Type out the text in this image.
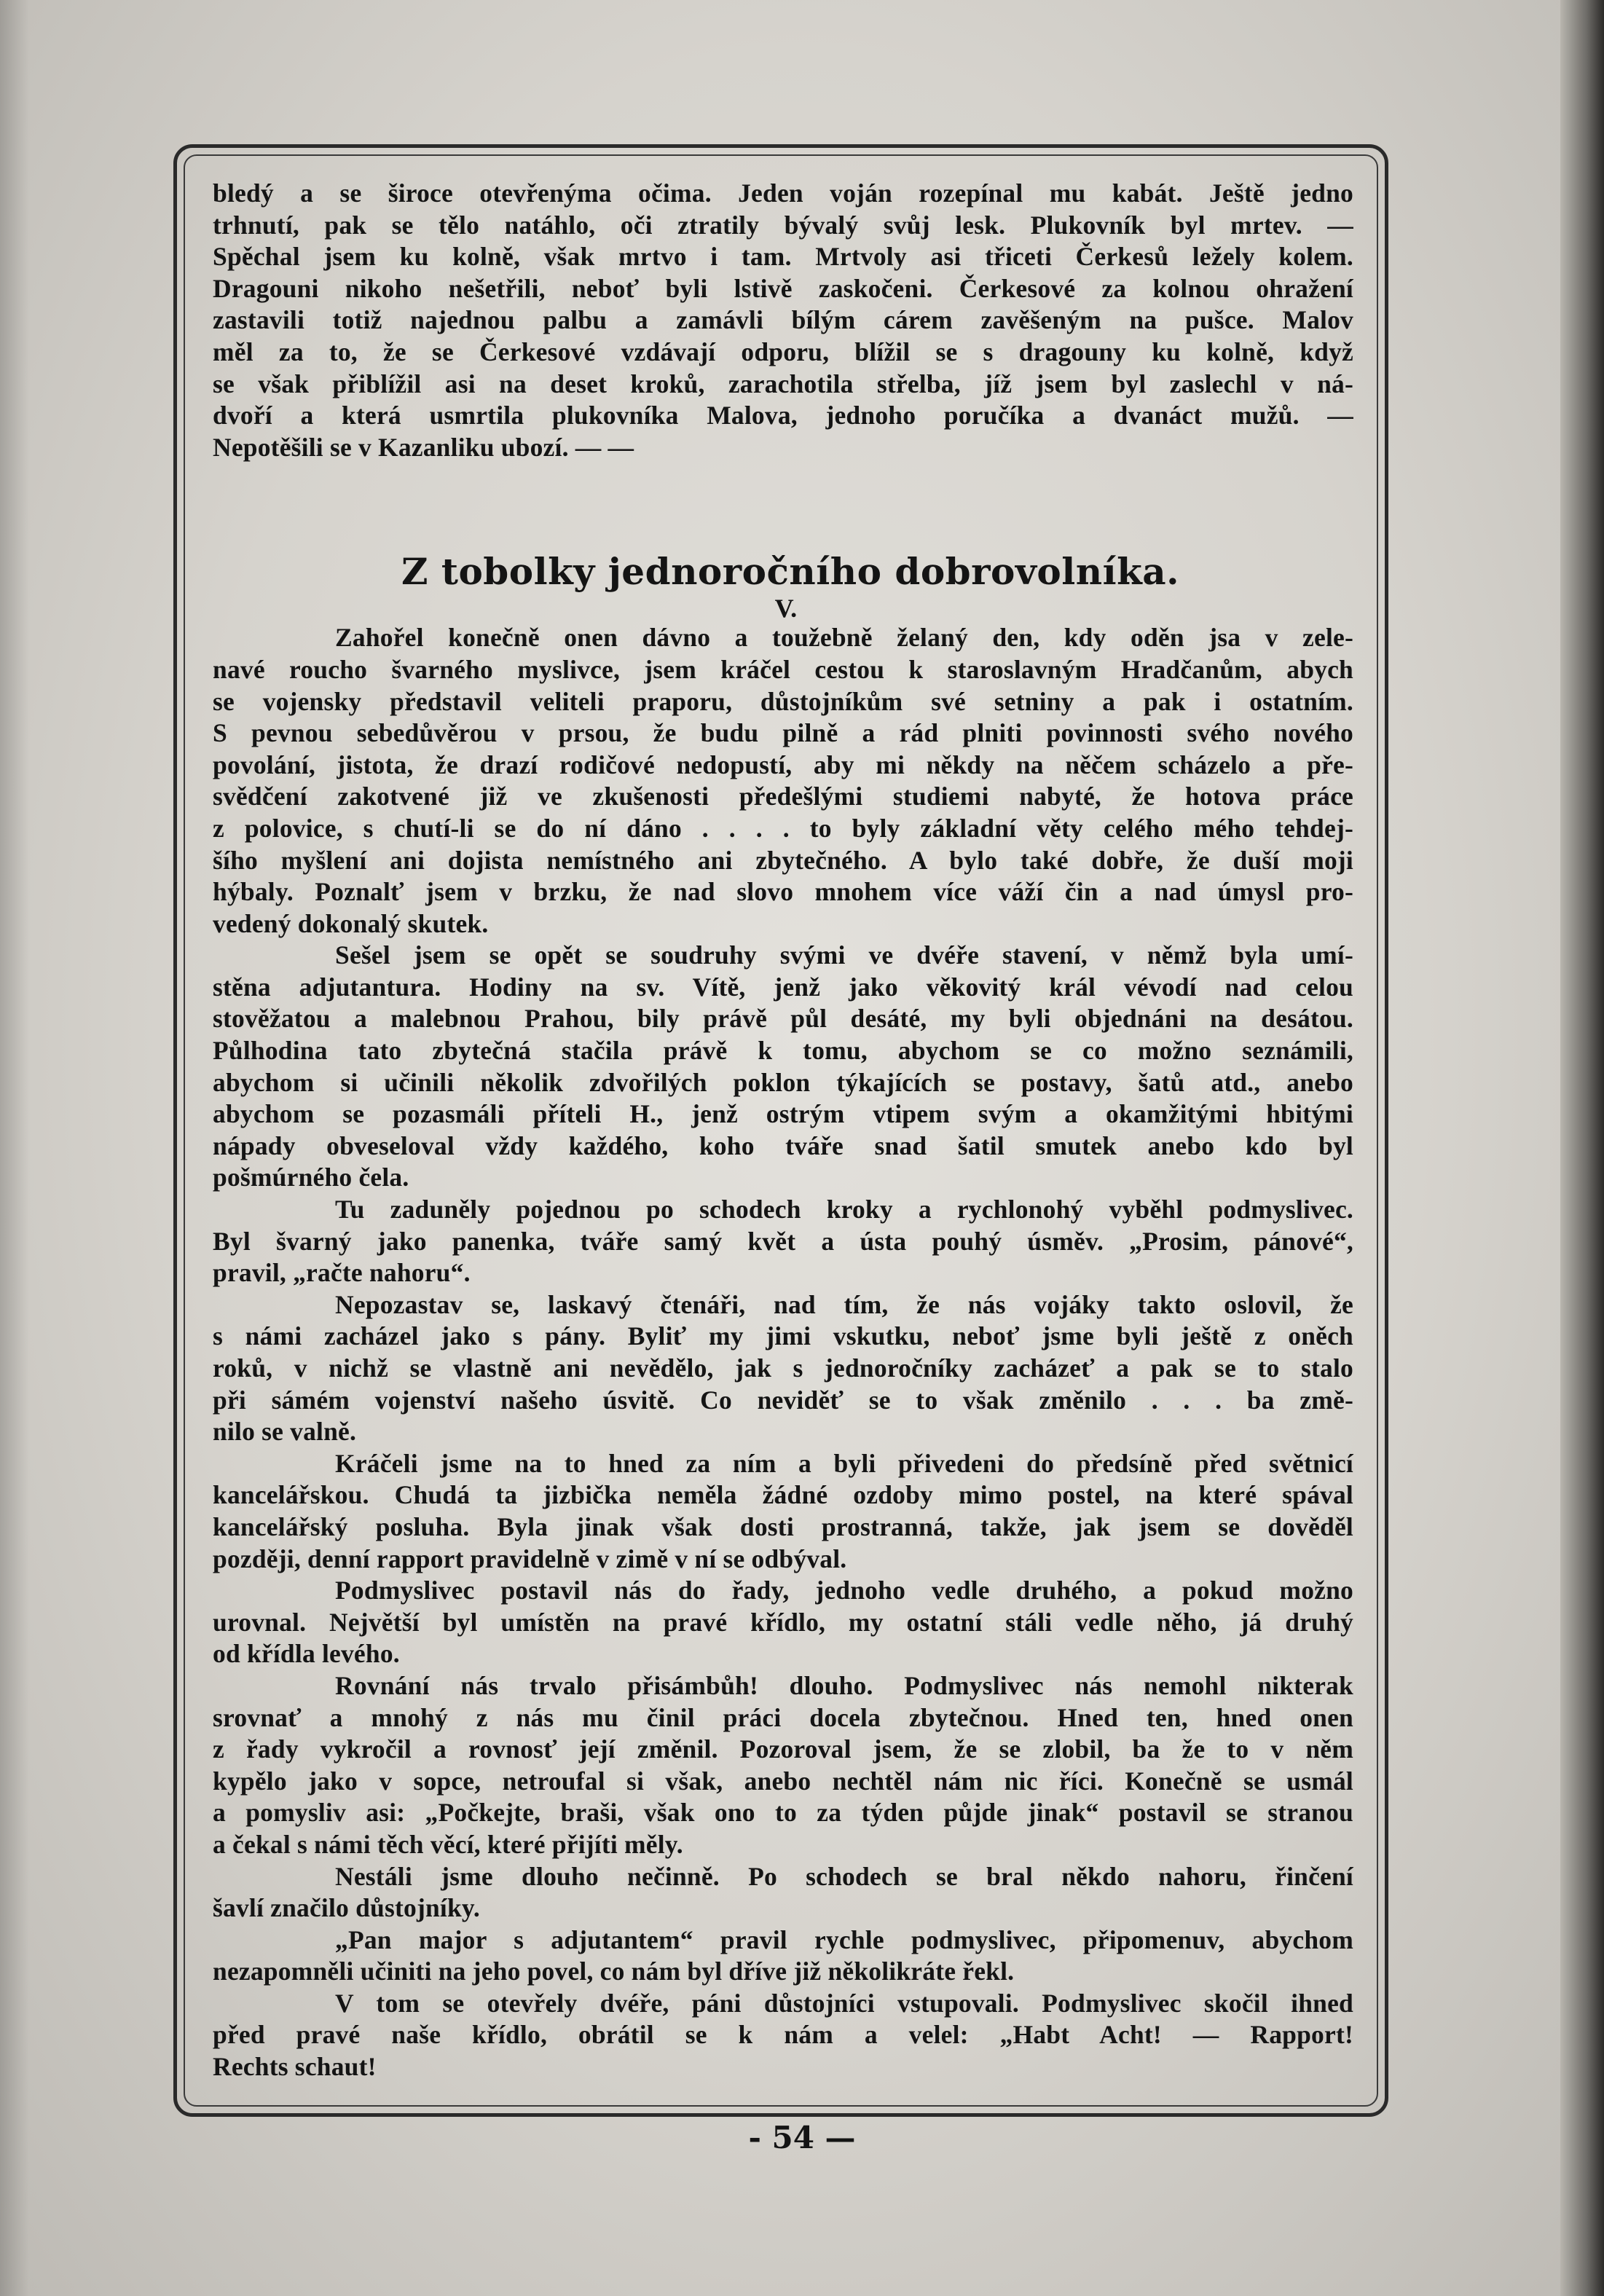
bledý a se široce otevřenýma očima. Jeden voján rozepínal mu kabát. Ještě jedno

trhnutí, pak se tělo natáhlo, oči ztratily bývalý svůj lesk. Plukovník byl mrtev. —

Spěchal jsem ku kolně, však mrtvo i tam. Mrtvoly asi třiceti Čerkesů ležely kolem.

Dragouni nikoho nešetřili, neboť byli lstivě zaskočeni. Čerkesové za kolnou ohražení

zastavili totiž najednou palbu a zamávli bílým cárem zavěšeným na pušce. Malov

měl za to, že se Čerkesové vzdávají odporu, blížil se s dragouny ku kolně, když

se však přiblížil asi na deset kroků, zarachotila střelba, jíž jsem byl zaslechl v ná-

dvoří a která usmrtila plukovníka Malova, jednoho poručíka a dvanáct mužů. —

Nepotěšili se v Kazanliku ubozí. — —

Z tobolky jednoročního dobrovolníka.
V.

Zahořel konečně onen dávno a toužebně želaný den, kdy oděn jsa v zele-

navé roucho švarného myslivce, jsem kráčel cestou k staroslavným Hradčanům, abych

se vojensky představil veliteli praporu, důstojníkům své setniny a pak i ostatním.

S pevnou sebedůvěrou v prsou, že budu pilně a rád plniti povinnosti svého nového

povolání, jistota, že drazí rodičové nedopustí, aby mi někdy na něčem scházelo a pře-

svědčení zakotvené již ve zkušenosti předešlými studiemi nabyté, že hotova práce

z polovice, s chutí-li se do ní dáno . . . . to byly základní věty celého mého tehdej-

šího myšlení ani dojista nemístného ani zbytečného. A bylo také dobře, že duší moji

hýbaly. Poznalť jsem v brzku, že nad slovo mnohem více váží čin a nad úmysl pro-

vedený dokonalý skutek.

Sešel jsem se opět se soudruhy svými ve dvéře stavení, v němž byla umí-

stěna adjutantura. Hodiny na sv. Vítě, jenž jako věkovitý král vévodí nad celou

stověžatou a malebnou Prahou, bily právě půl desáté, my byli objednáni na desátou.

Půlhodina tato zbytečná stačila právě k tomu, abychom se co možno seznámili,

abychom si učinili několik zdvořilých poklon týkajících se postavy, šatů atd., anebo

abychom se pozasmáli příteli H., jenž ostrým vtipem svým a okamžitými hbitými

nápady obveseloval vždy každého, koho tváře snad šatil smutek anebo kdo byl

pošmúrného čela.

Tu zaduněly pojednou po schodech kroky a rychlonohý vyběhl podmyslivec.

Byl švarný jako panenka, tváře samý květ a ústa pouhý úsměv. „Prosim, pánové“,

pravil, „račte nahoru“.

Nepozastav se, laskavý čtenáři, nad tím, že nás vojáky takto oslovil, že

s námi zacházel jako s pány. Byliť my jimi vskutku, neboť jsme byli ještě z oněch

roků, v nichž se vlastně ani nevědělo, jak s jednoročníky zacházeť a pak se to stalo

při sámém vojenství našeho úsvitě. Co neviděť se to však změnilo . . . ba změ-

nilo se valně.

Kráčeli jsme na to hned za ním a byli přivedeni do předsíně před světnicí

kancelářskou. Chudá ta jizbička neměla žádné ozdoby mimo postel, na které spával

kancelářský posluha. Byla jinak však dosti prostranná, takže, jak jsem se dověděl

později, denní rapport pravidelně v zimě v ní se odbýval.

Podmyslivec postavil nás do řady, jednoho vedle druhého, a pokud možno

urovnal. Největší byl umístěn na pravé křídlo, my ostatní stáli vedle něho, já druhý

od křídla levého.

Rovnání nás trvalo přisámbůh! dlouho. Podmyslivec nás nemohl nikterak

srovnať a mnohý z nás mu činil práci docela zbytečnou. Hned ten, hned onen

z řady vykročil a rovnosť její změnil. Pozoroval jsem, že se zlobil, ba že to v něm

kypělo jako v sopce, netroufal si však, anebo nechtěl nám nic říci. Konečně se usmál

a pomysliv asi: „Počkejte, braši, však ono to za týden půjde jinak“ postavil se stranou

a čekal s námi těch věcí, které přijíti měly.

Nestáli jsme dlouho nečinně. Po schodech se bral někdo nahoru, řinčení

šavlí značilo důstojníky.

„Pan major s adjutantem“ pravil rychle podmyslivec, připomenuv, abychom

nezapomněli učiniti na jeho povel, co nám byl dříve již několikráte řekl.

V tom se otevřely dvéře, páni důstojníci vstupovali. Podmyslivec skočil ihned

před pravé naše křídlo, obrátil se k nám a velel: „Habt Acht! — Rapport!

Rechts schaut!

- 54 —
